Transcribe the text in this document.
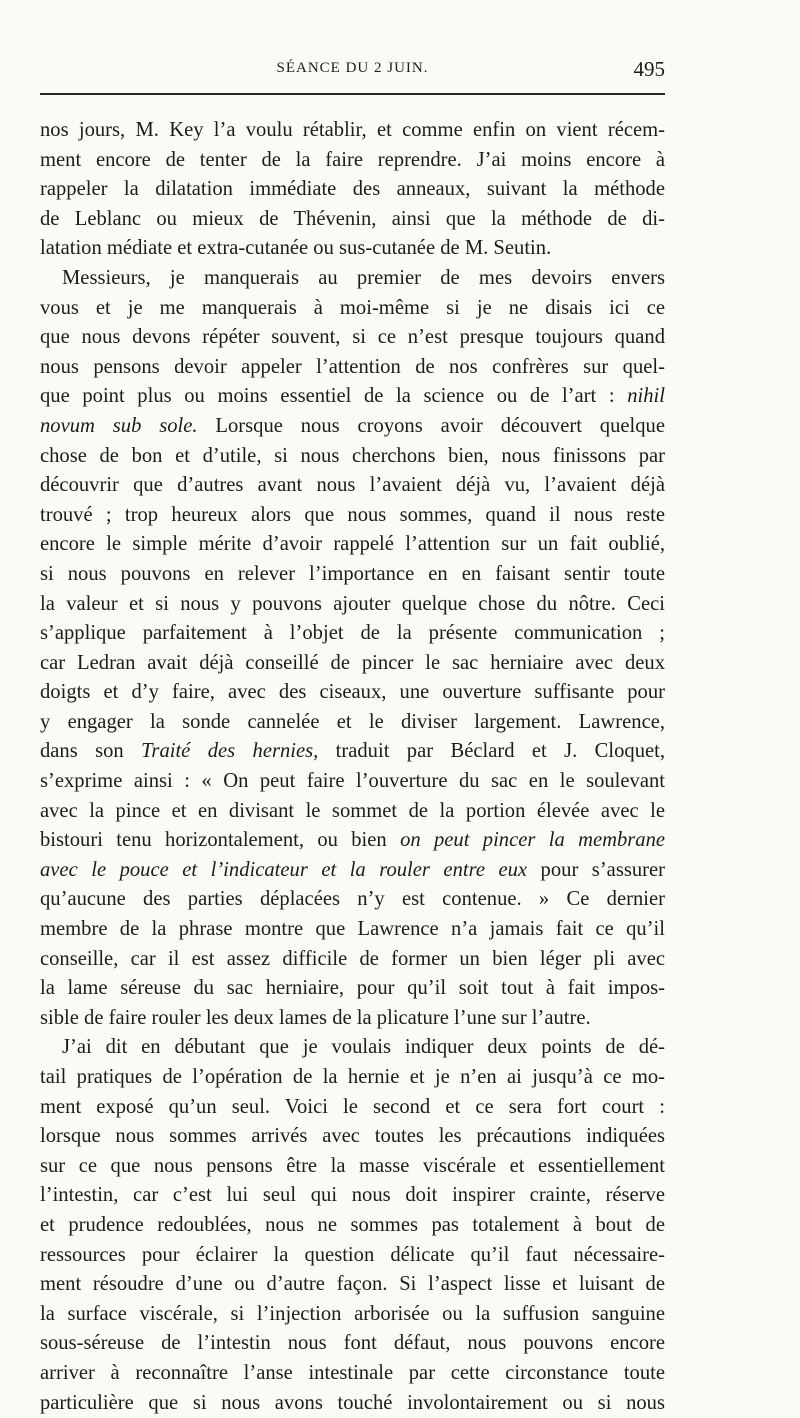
SÉANCE DU 2 JUIN.	495
nos jours, M. Key l’a voulu rétablir, et comme enfin on vient récem-
ment encore de tenter de la faire reprendre. J’ai moins encore à
rappeler la dilatation immédiate des anneaux, suivant la méthode
de Leblanc ou mieux de Thévenin, ainsi que la méthode de di-
latation médiate et extra-cutanée ou sus-cutanée de M. Seutin.
Messieurs, je manquerais au premier de mes devoirs envers
vous et je me manquerais à moi-même si je ne disais ici ce
que nous devons répéter souvent, si ce n’est presque toujours quand
nous pensons devoir appeler l’attention de nos confrères sur quel-
que point plus ou moins essentiel de la science ou de l’art : nihil
novum sub sole. Lorsque nous croyons avoir découvert quelque
chose de bon et d’utile, si nous cherchons bien, nous finissons par
découvrir que d’autres avant nous l’avaient déjà vu, l’avaient déjà
trouvé ; trop heureux alors que nous sommes, quand il nous reste
encore le simple mérite d’avoir rappelé l’attention sur un fait oublié,
si nous pouvons en relever l’importance en en faisant sentir toute
la valeur et si nous y pouvons ajouter quelque chose du nôtre. Ceci
s’applique parfaitement à l’objet de la présente communication ;
car Ledran avait déjà conseillé de pincer le sac herniaire avec deux
doigts et d’y faire, avec des ciseaux, une ouverture suffisante pour
y engager la sonde cannelée et le diviser largement. Lawrence,
dans son Traité des hernies, traduit par Béclard et J. Cloquet,
s’exprime ainsi : « On peut faire l’ouverture du sac en le soulevant
avec la pince et en divisant le sommet de la portion élevée avec le
bistouri tenu horizontalement, ou bien on peut pincer la membrane
avec le pouce et l’indicateur et la rouler entre eux pour s’assurer
qu’aucune des parties déplacées n’y est contenue. » Ce dernier
membre de la phrase montre que Lawrence n’a jamais fait ce qu’il
conseille, car il est assez difficile de former un bien léger pli avec
la lame séreuse du sac herniaire, pour qu’il soit tout à fait impos-
sible de faire rouler les deux lames de la plicature l’une sur l’autre.
J’ai dit en débutant que je voulais indiquer deux points de dé-
tail pratiques de l’opération de la hernie et je n’en ai jusqu’à ce mo-
ment exposé qu’un seul. Voici le second et ce sera fort court :
lorsque nous sommes arrivés avec toutes les précautions indiquées
sur ce que nous pensons être la masse viscérale et essentiellement
l’intestin, car c’est lui seul qui nous doit inspirer crainte, réserve
et prudence redoublées, nous ne sommes pas totalement à bout de
ressources pour éclairer la question délicate qu’il faut nécessaire-
ment résoudre d’une ou d’autre façon. Si l’aspect lisse et luisant de
la surface viscérale, si l’injection arborisée ou la suffusion sanguine
sous-séreuse de l’intestin nous font défaut, nous pouvons encore
arriver à reconnaître l’anse intestinale par cette circonstance toute
particulière que si nous avons touché involontairement ou si nous
